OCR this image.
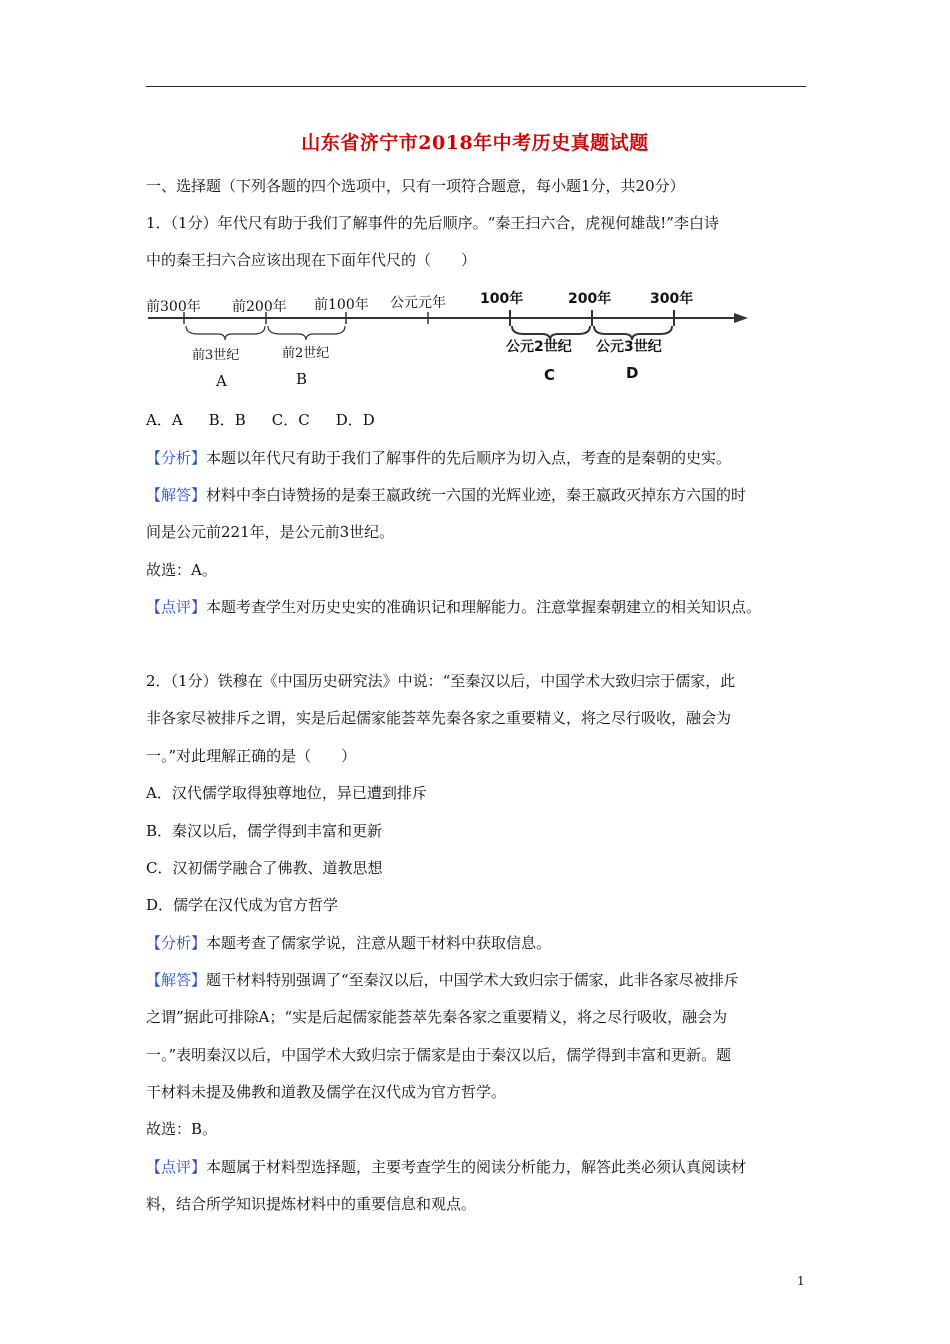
山东省济宁市2018年中考历史真题试题
一、选择题（下列各题的四个选项中，只有一项符合题意，每小题1分，共20分）
1．（1分）年代尺有助于我们了解事件的先后顺序。“秦王扫六合，虎视何雄哉!”李白诗
中的秦王扫六合应该出现在下面年代尺的（　　）
前300年 前200年 前100年 公元元年 100年	200年	300年
前3世纪	前2世纪	公元2世纪 公元3世纪
A	B	C	D
A．A B．B C．C D．D
【分析】本题以年代尺有助于我们了解事件的先后顺序为切入点，考查的是秦朝的史实。
【解答】材料中李白诗赞扬的是秦王嬴政统一六国的光辉业迹，秦王嬴政灭掉东方六国的时
间是公元前221年，是公元前3世纪。
故选：A。
【点评】本题考查学生对历史史实的准确识记和理解能力。注意掌握秦朝建立的相关知识点。
2．（1分）铁穆在《中国历史研究法》中说：“至秦汉以后，中国学术大致归宗于儒家，此
非各家尽被排斥之谓，实是后起儒家能荟萃先秦各家之重要精义，将之尽行吸收，融会为
一。”对此理解正确的是（　　）
A．汉代儒学取得独尊地位，异已遭到排斥
B．秦汉以后，儒学得到丰富和更新
C．汉初儒学融合了佛教、道教思想
D．儒学在汉代成为官方哲学
【分析】本题考查了儒家学说，注意从题干材料中获取信息。
【解答】题干材料特别强调了“至秦汉以后，中国学术大致归宗于儒家，此非各家尽被排斥
之谓”据此可排除A；“实是后起儒家能荟萃先秦各家之重要精义，将之尽行吸收，融会为
一。”表明秦汉以后，中国学术大致归宗于儒家是由于秦汉以后，儒学得到丰富和更新。题
干材料未提及佛教和道教及儒学在汉代成为官方哲学。
故选：B。
【点评】本题属于材料型选择题，主要考查学生的阅读分析能力，解答此类必须认真阅读材
料，结合所学知识提炼材料中的重要信息和观点。
1
